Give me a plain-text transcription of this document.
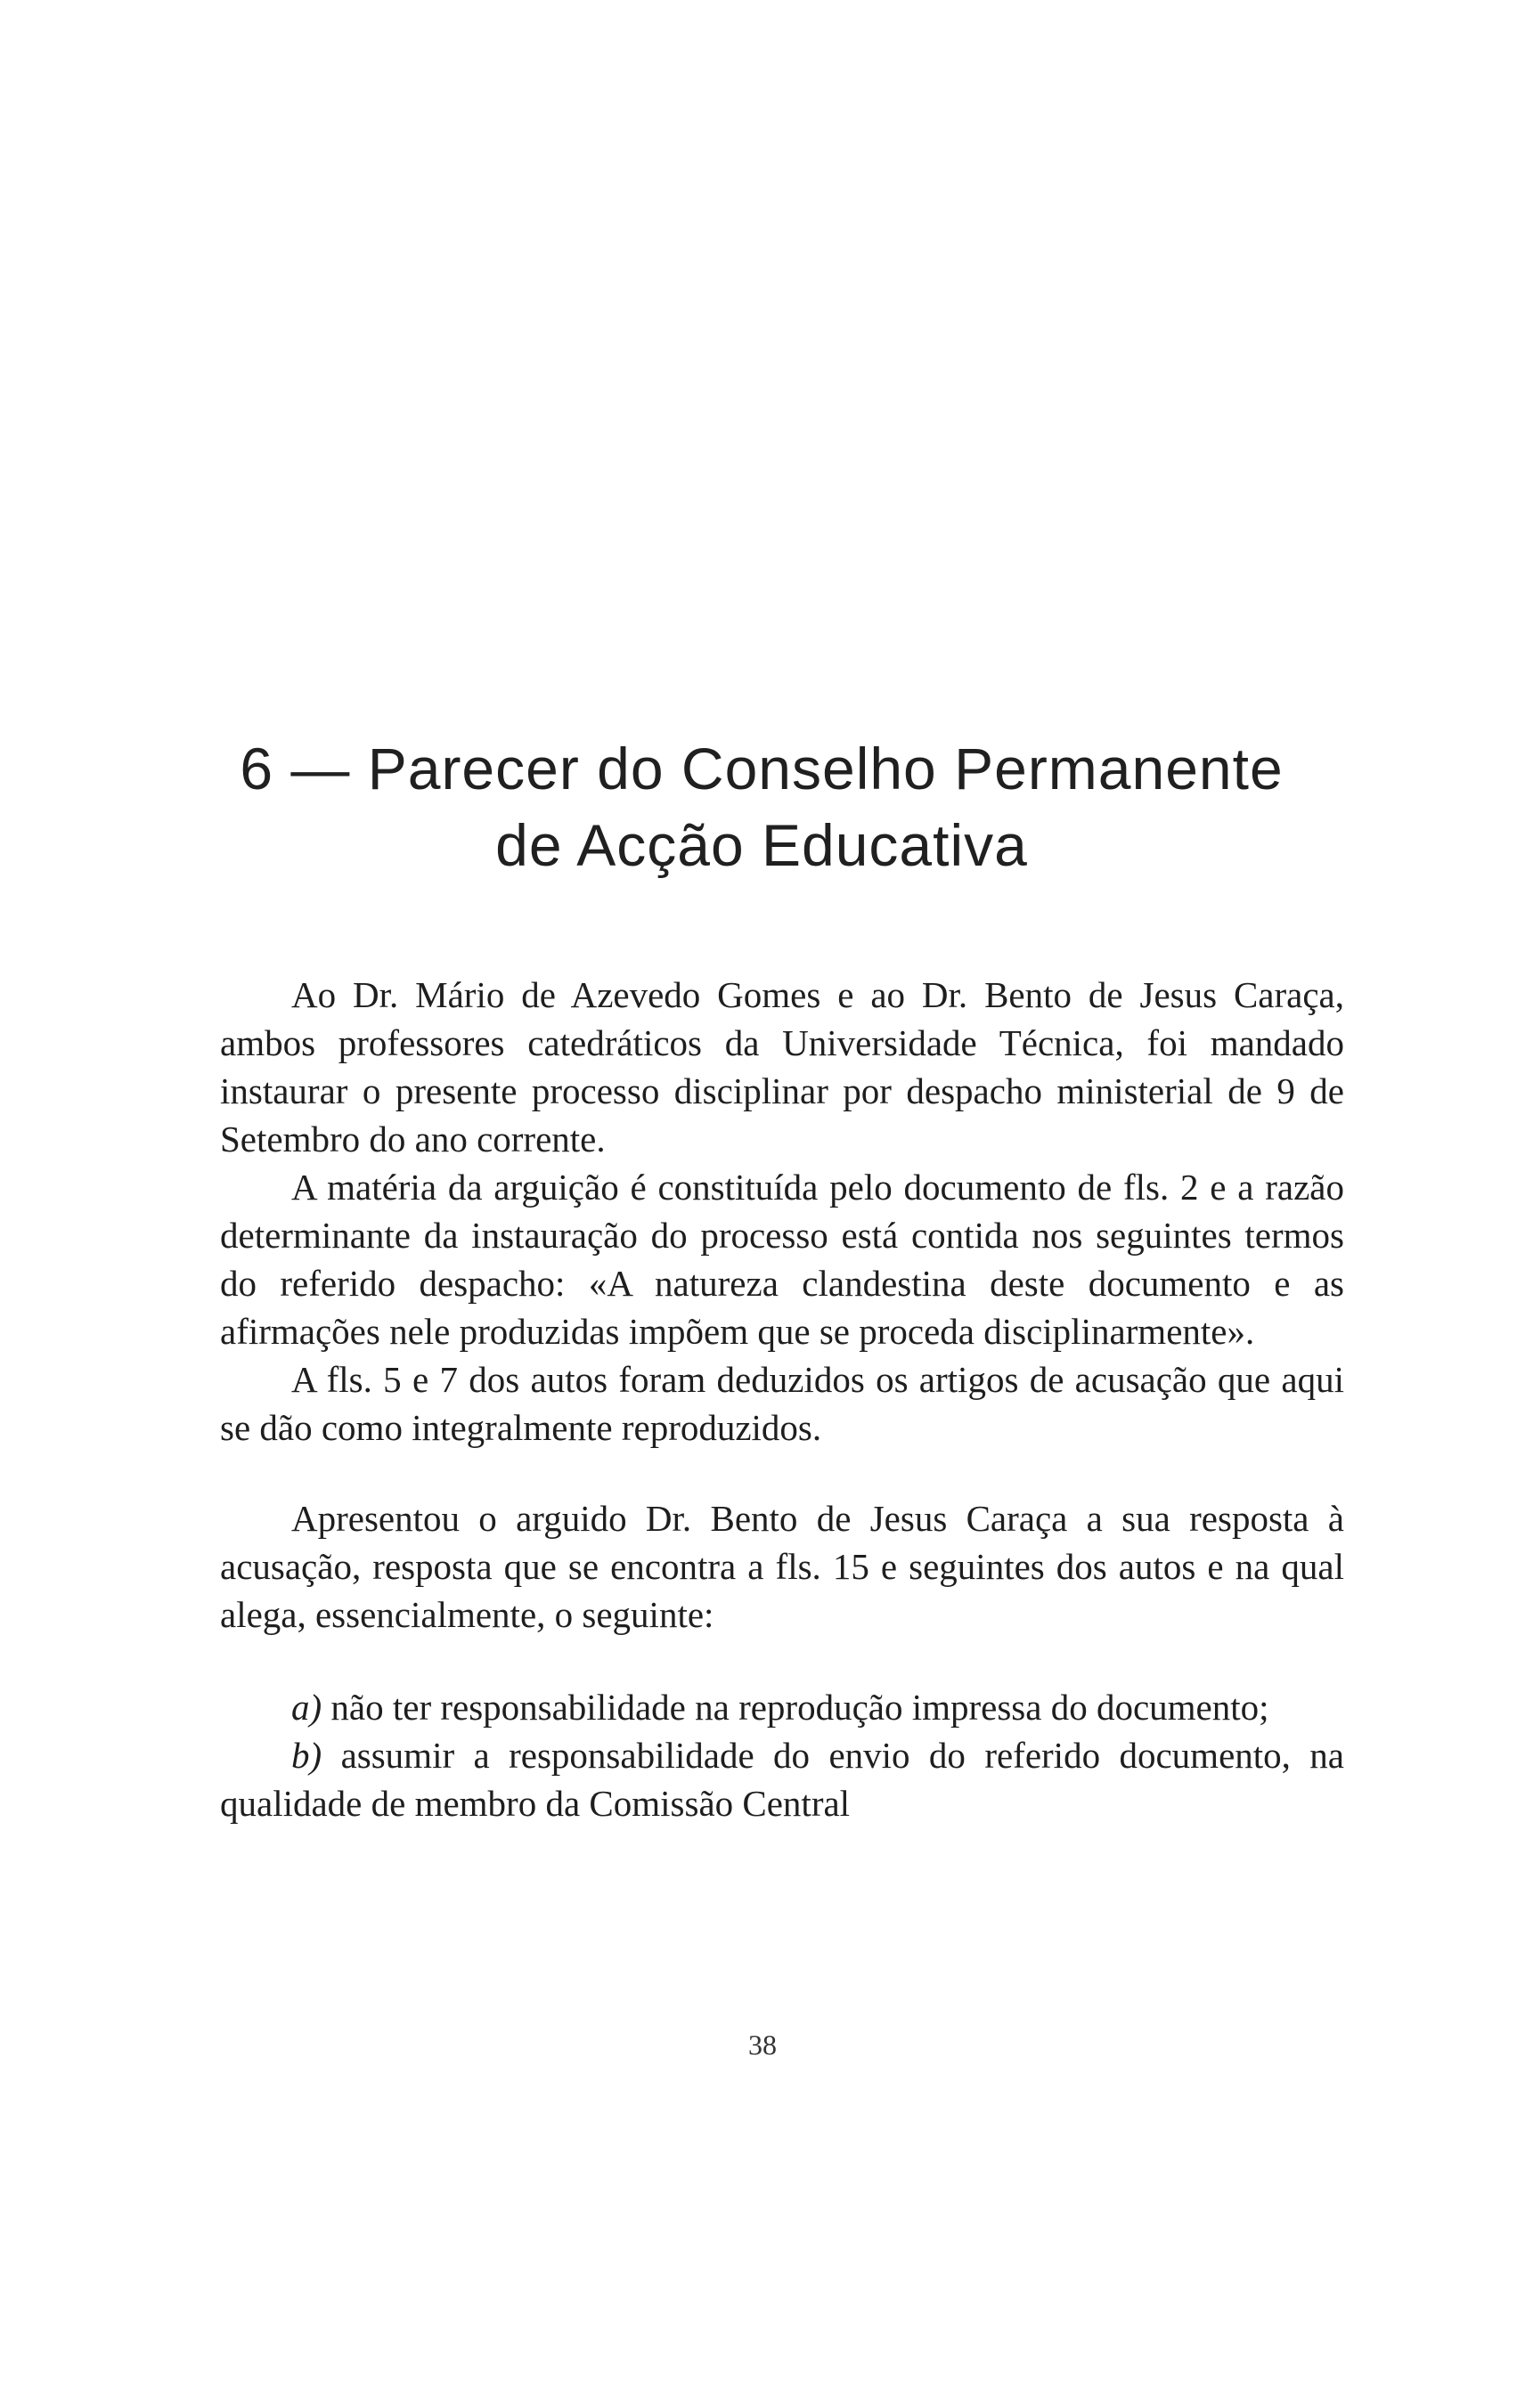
6 — Parecer do Conselho Permanente
de Acção Educativa

Ao Dr. Mário de Azevedo Gomes e ao Dr. Bento de Jesus Caraça, ambos professores catedráticos da Universidade Técnica, foi mandado instaurar o presente processo disciplinar por despacho ministerial de 9 de Setembro do ano corrente.

A matéria da arguição é constituída pelo documento de fls. 2 e a razão determinante da instauração do processo está contida nos seguintes termos do referido despacho: «A natureza clandestina deste documento e as afirmações nele produzidas impõem que se proceda disciplinarmente».

A fls. 5 e 7 dos autos foram deduzidos os artigos de acusação que aqui se dão como integralmente reproduzidos.

Apresentou o arguido Dr. Bento de Jesus Caraça a sua resposta à acusação, resposta que se encontra a fls. 15 e seguintes dos autos e na qual alega, essencialmente, o seguinte:

a) não ter responsabilidade na reprodução impressa do documento;

b) assumir a responsabilidade do envio do referido documento, na qualidade de membro da Comissão Central

38
